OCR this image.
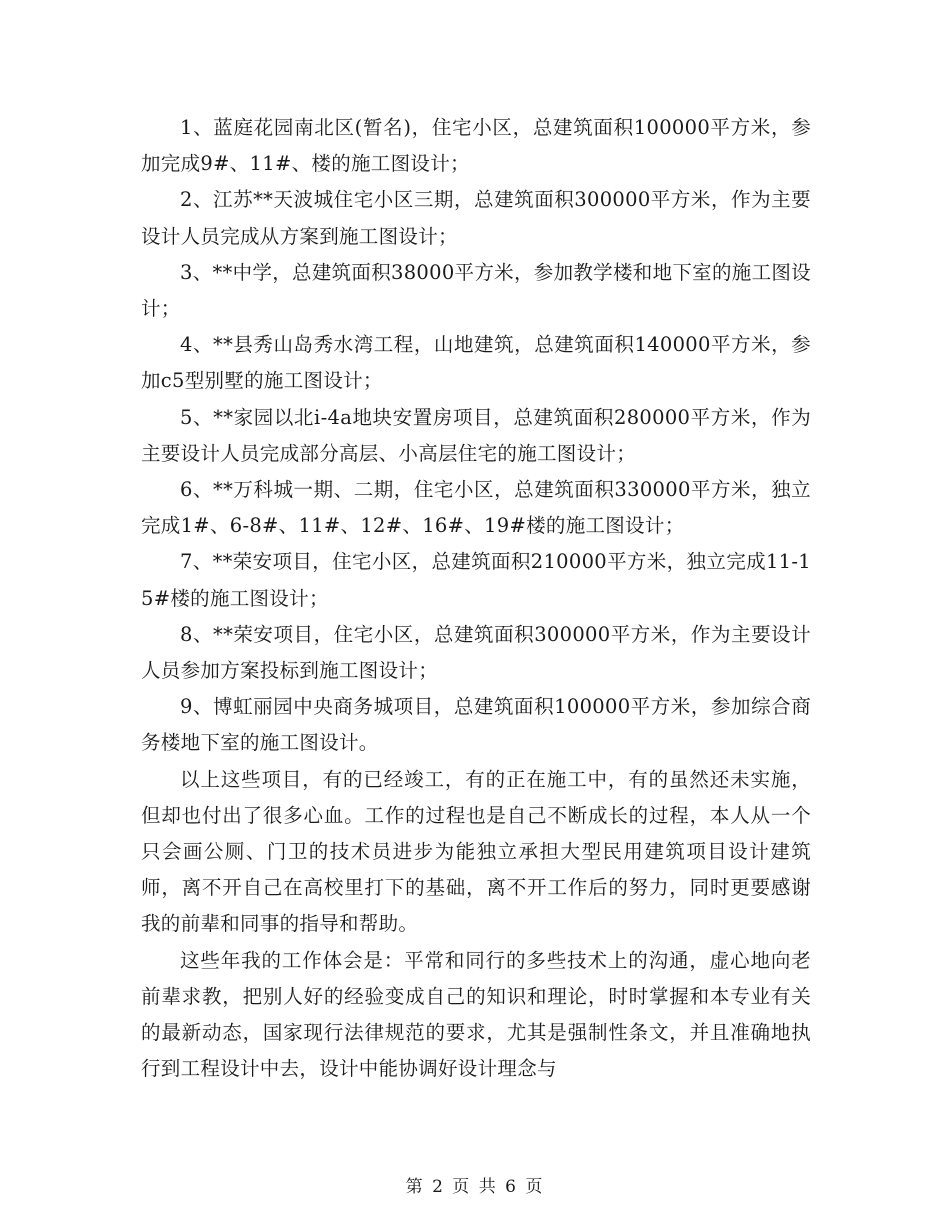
1、蓝庭花园南北区(暂名)，住宅小区，总建筑面积100000平方米，参加完成9#、11#、楼的施工图设计；

2、江苏**天波城住宅小区三期，总建筑面积300000平方米，作为主要设计人员完成从方案到施工图设计；

3、**中学，总建筑面积38000平方米，参加教学楼和地下室的施工图设计；

4、**县秀山岛秀水湾工程，山地建筑，总建筑面积140000平方米，参加c5型别墅的施工图设计；

5、**家园以北i-4a地块安置房项目，总建筑面积280000平方米，作为主要设计人员完成部分高层、小高层住宅的施工图设计；

6、**万科城一期、二期，住宅小区，总建筑面积330000平方米，独立完成1#、6-8#、11#、12#、16#、19#楼的施工图设计；

7、**荣安项目，住宅小区，总建筑面积210000平方米，独立完成11-15#楼的施工图设计；

8、**荣安项目，住宅小区，总建筑面积300000平方米，作为主要设计人员参加方案投标到施工图设计；

9、博虹丽园中央商务城项目，总建筑面积100000平方米，参加综合商务楼地下室的施工图设计。

以上这些项目，有的已经竣工，有的正在施工中，有的虽然还未实施，但却也付出了很多心血。工作的过程也是自己不断成长的过程，本人从一个只会画公厕、门卫的技术员进步为能独立承担大型民用建筑项目设计建筑师，离不开自己在高校里打下的基础，离不开工作后的努力，同时更要感谢我的前辈和同事的指导和帮助。

这些年我的工作体会是：平常和同行的多些技术上的沟通，虚心地向老前辈求教，把别人好的经验变成自己的知识和理论，时时掌握和本专业有关的最新动态，国家现行法律规范的要求，尤其是强制性条文，并且准确地执行到工程设计中去，设计中能协调好设计理念与

第 2 页 共 6 页
